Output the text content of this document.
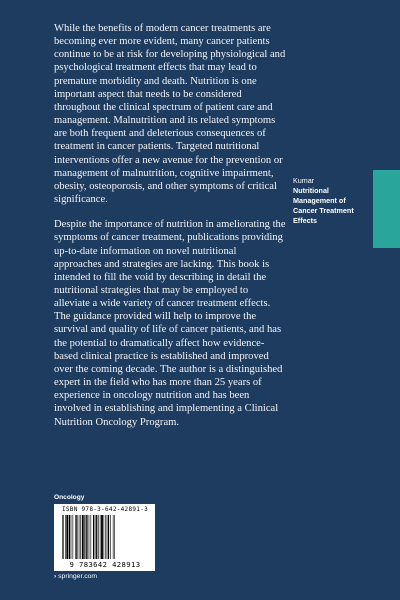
While the benefits of modern cancer treatments are becoming ever more evident, many cancer patients continue to be at risk for developing physiological and psychological treatment effects that may lead to premature morbidity and death. Nutrition is one important aspect that needs to be considered throughout the clinical spectrum of patient care and management. Malnutrition and its related symptoms are both frequent and deleterious consequences of treatment in cancer patients. Targeted nutritional interventions offer a new avenue for the prevention or management of malnutrition, cognitive impairment, obesity, osteoporosis, and other symptoms of critical significance.

Despite the importance of nutrition in ameliorating the symptoms of cancer treatment, publications providing up-to-date information on novel nutritional approaches and strategies are lacking. This book is intended to fill the void by describing in detail the nutritional strategies that may be employed to alleviate a wide variety of cancer treatment effects. The guidance provided will help to improve the survival and quality of life of cancer patients, and has the potential to dramatically affect how evidence-based clinical practice is established and improved over the coming decade. The author is a distinguished expert in the field who has more than 25 years of experience in oncology nutrition and has been involved in establishing and implementing a Clinical Nutrition Oncology Program.

Kumar
Nutritional Management of Cancer Treatment Effects
Oncology
ISBN 978-3-642-42891-3
9 783642 428913
› springer.com
